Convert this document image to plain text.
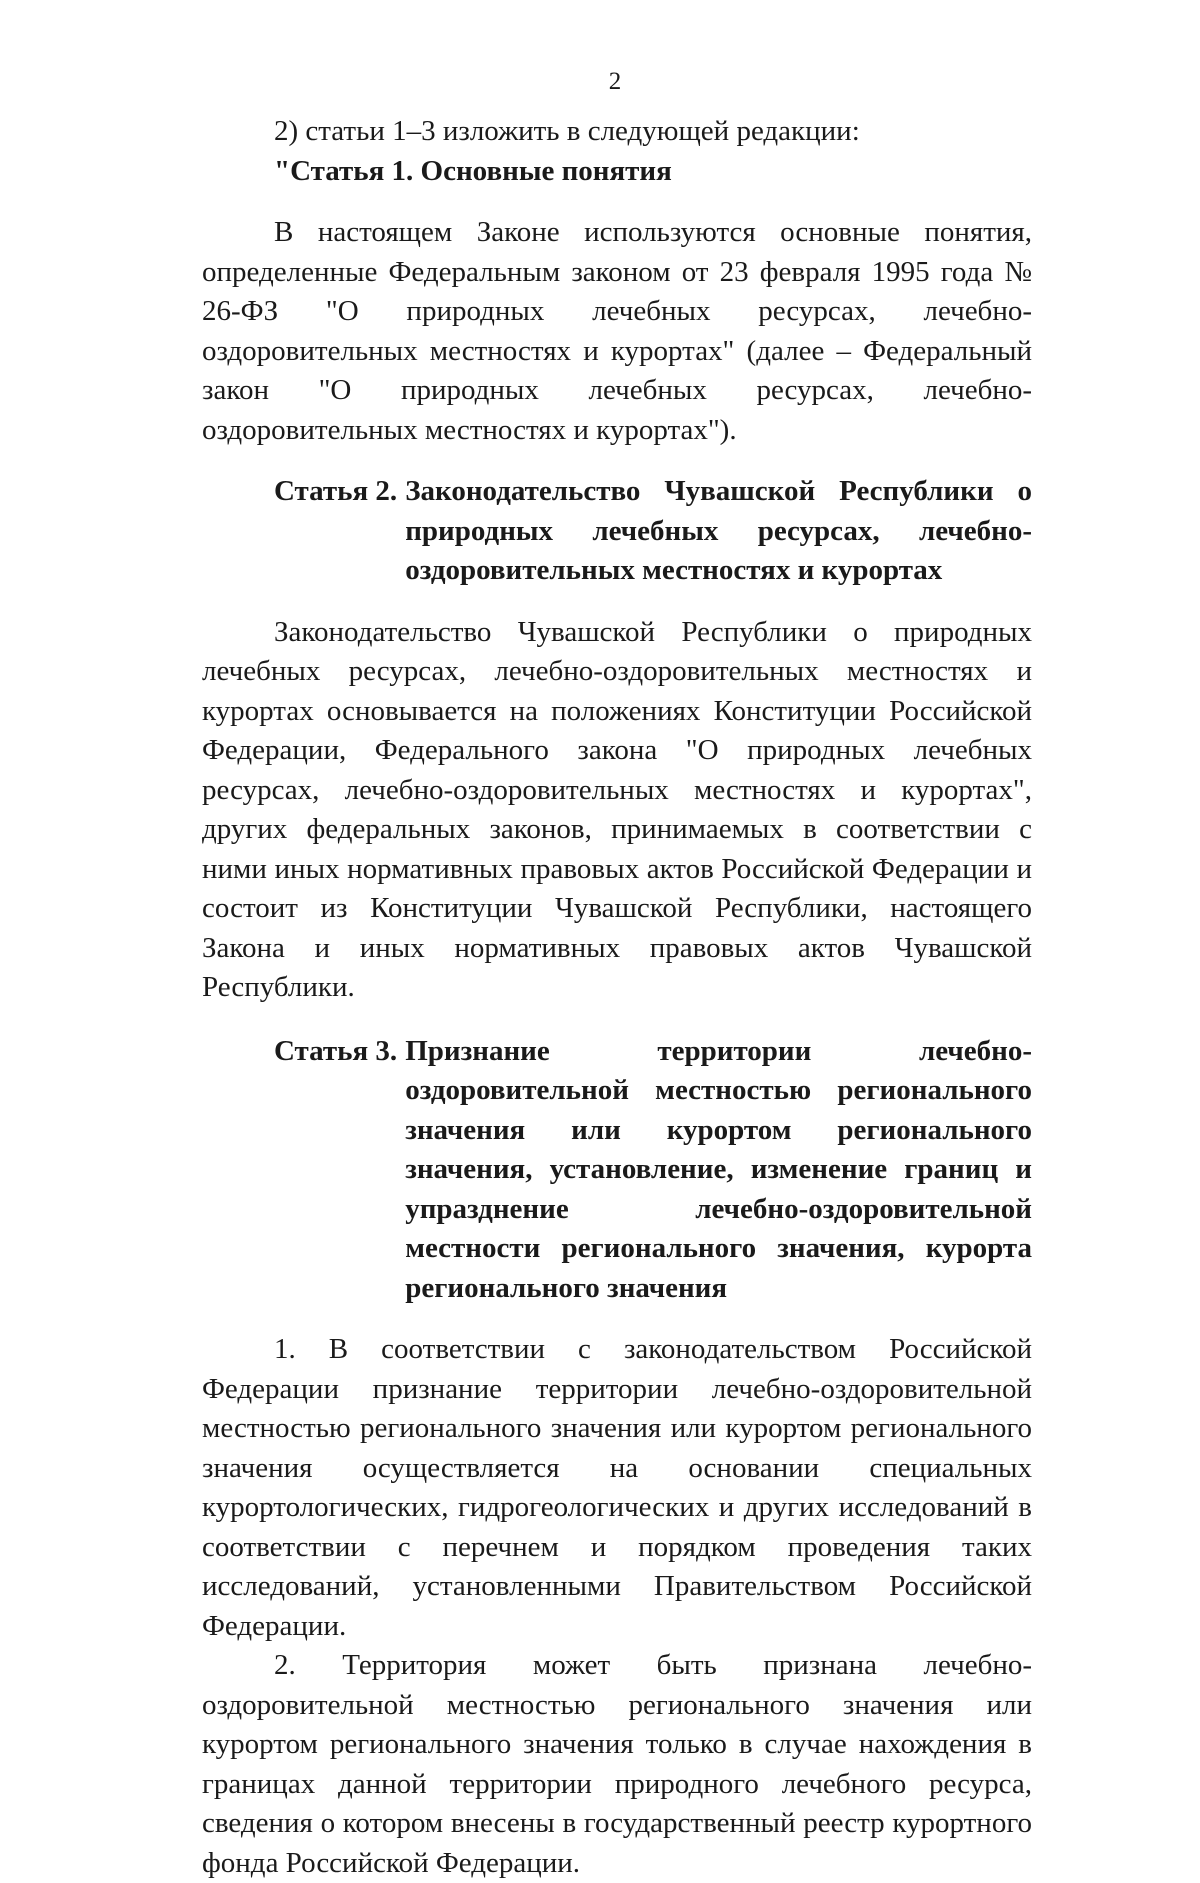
2

2) статьи 1–3 изложить в следующей редакции:

"Статья 1. Основные понятия

В настоящем Законе используются основные понятия, определенные Федеральным законом от 23 февраля 1995 года № 26-ФЗ "О природных лечебных ресурсах, лечебно-оздоровительных местностях и курортах" (далее – Федеральный закон "О природных лечебных ресурсах, лечебно-оздоровительных местностях и курортах").

Статья 2. Законодательство Чувашской Республики о природных лечебных ресурсах, лечебно-оздоровительных местностях и курортах

Законодательство Чувашской Республики о природных лечебных ресурсах, лечебно-оздоровительных местностях и курортах основывается на положениях Конституции Российской Федерации, Федерального закона "О природных лечебных ресурсах, лечебно-оздоровительных местностях и курортах", других федеральных законов, принимаемых в соответствии с ними иных нормативных правовых актов Российской Федерации и состоит из Конституции Чувашской Республики, настоящего Закона и иных нормативных правовых актов Чувашской Республики.

Статья 3. Признание территории лечебно-оздоровительной местностью регионального значения или курортом регионального значения, установление, изменение границ и упразднение лечебно-оздоровительной местности регионального значения, курорта регионального значения

1. В соответствии с законодательством Российской Федерации признание территории лечебно-оздоровительной местностью регионального значения или курортом регионального значения осуществляется на основании специальных курортологических, гидрогеологических и других исследований в соответствии с перечнем и порядком проведения таких исследований, установленными Правительством Российской Федерации.

2. Территория может быть признана лечебно-оздоровительной местностью регионального значения или курортом регионального значения только в случае нахождения в границах данной территории природного лечебного ресурса, сведения о котором внесены в государственный реестр курортного фонда Российской Федерации.
